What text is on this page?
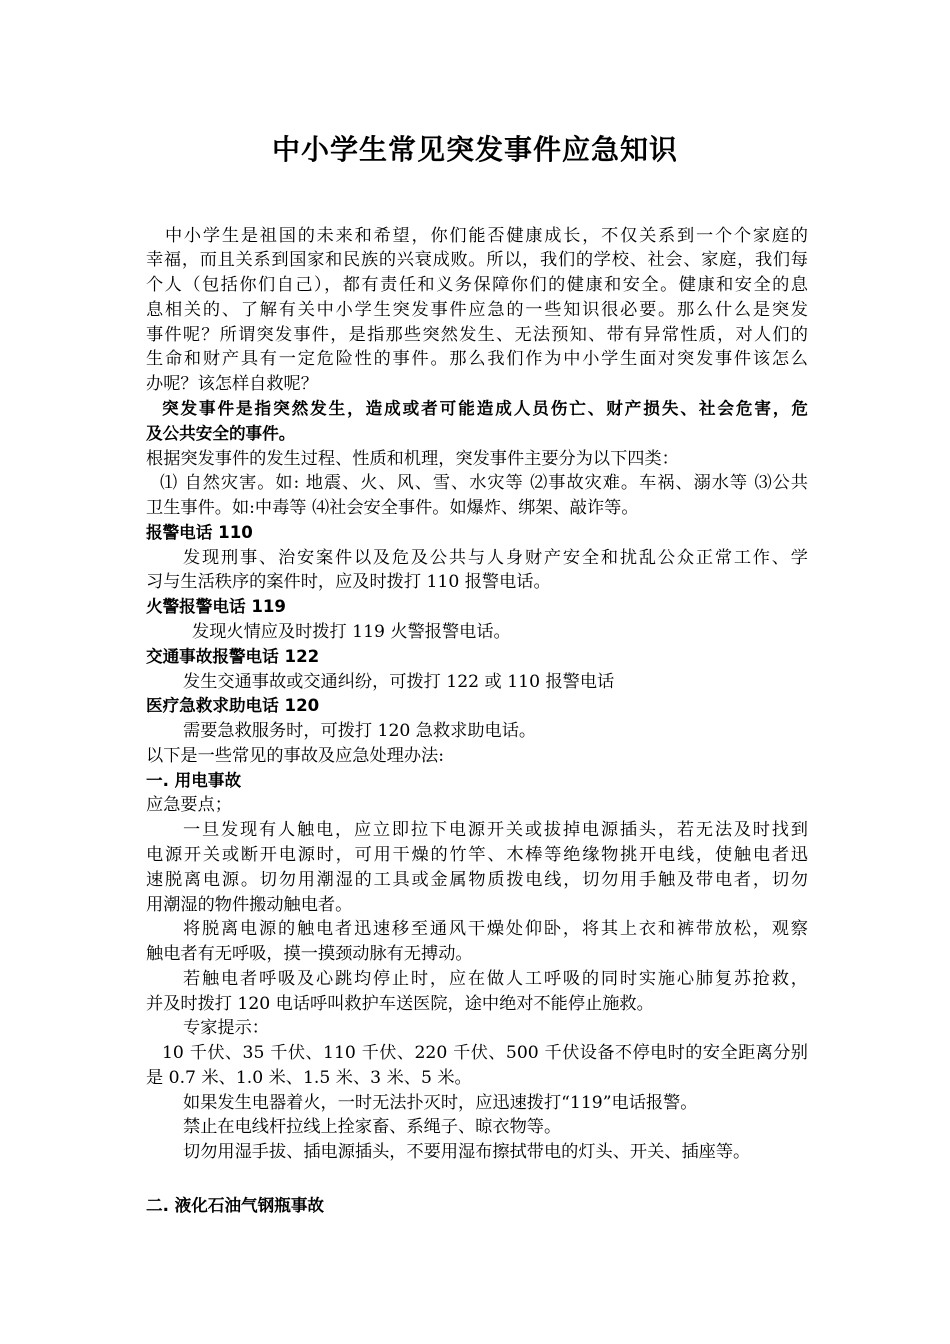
中小学生常见突发事件应急知识
　中小学生是祖国的未来和希望，你们能否健康成长，不仅关系到一个个家庭的
幸福，而且关系到国家和民族的兴衰成败。所以，我们的学校、社会、家庭，我们每
个人（包括你们自己），都有责任和义务保障你们的健康和安全。健康和安全的息
息相关的、了解有关中小学生突发事件应急的一些知识很必要。那么什么是突发
事件呢？所谓突发事件，是指那些突然发生、无法预知、带有异常性质，对人们的
生命和财产具有一定危险性的事件。那么我们作为中小学生面对突发事件该怎么
办呢？该怎样自救呢？
突发事件是指突然发生，造成或者可能造成人员伤亡、财产损失、社会危害，危
及公共安全的事件。
根据突发事件的发生过程、性质和机理，突发事件主要分为以下四类：
⑴ 自然灾害。如: 地震、火、风、雪、水灾等 ⑵事故灾难。车祸、溺水等 ⑶公共
卫生事件。如:中毒等 ⑷社会安全事件。如爆炸、绑架、敲诈等。
报警电话 110
发现刑事、治安案件以及危及公共与人身财产安全和扰乱公众正常工作、学
习与生活秩序的案件时，应及时拨打 110 报警电话。
火警报警电话 119
发现火情应及时拨打 119 火警报警电话。
交通事故报警电话 122
发生交通事故或交通纠纷，可拨打 122 或 110 报警电话
医疗急救求助电话 120
需要急救服务时，可拨打 120 急救求助电话。
以下是一些常见的事故及应急处理办法:
一. 用电事故
应急要点；
一旦发现有人触电，应立即拉下电源开关或拔掉电源插头，若无法及时找到
电源开关或断开电源时，可用干燥的竹竿、木棒等绝缘物挑开电线，使触电者迅
速脱离电源。切勿用潮湿的工具或金属物质拨电线，切勿用手触及带电者，切勿
用潮湿的物件搬动触电者。
将脱离电源的触电者迅速移至通风干燥处仰卧，将其上衣和裤带放松，观察
触电者有无呼吸，摸一摸颈动脉有无搏动。
若触电者呼吸及心跳均停止时，应在做人工呼吸的同时实施心肺复苏抢救，
并及时拨打 120 电话呼叫救护车送医院，途中绝对不能停止施救。
专家提示：
10 千伏、35 千伏、110 千伏、220 千伏、500 千伏设备不停电时的安全距离分别
是 0.7 米、1.0 米、1.5 米、3 米、5 米。
如果发生电器着火，一时无法扑灭时，应迅速拨打“119”电话报警。
禁止在电线杆拉线上拴家畜、系绳子、晾衣物等。
切勿用湿手拔、插电源插头，不要用湿布擦拭带电的灯头、开关、插座等。
二. 液化石油气钢瓶事故
